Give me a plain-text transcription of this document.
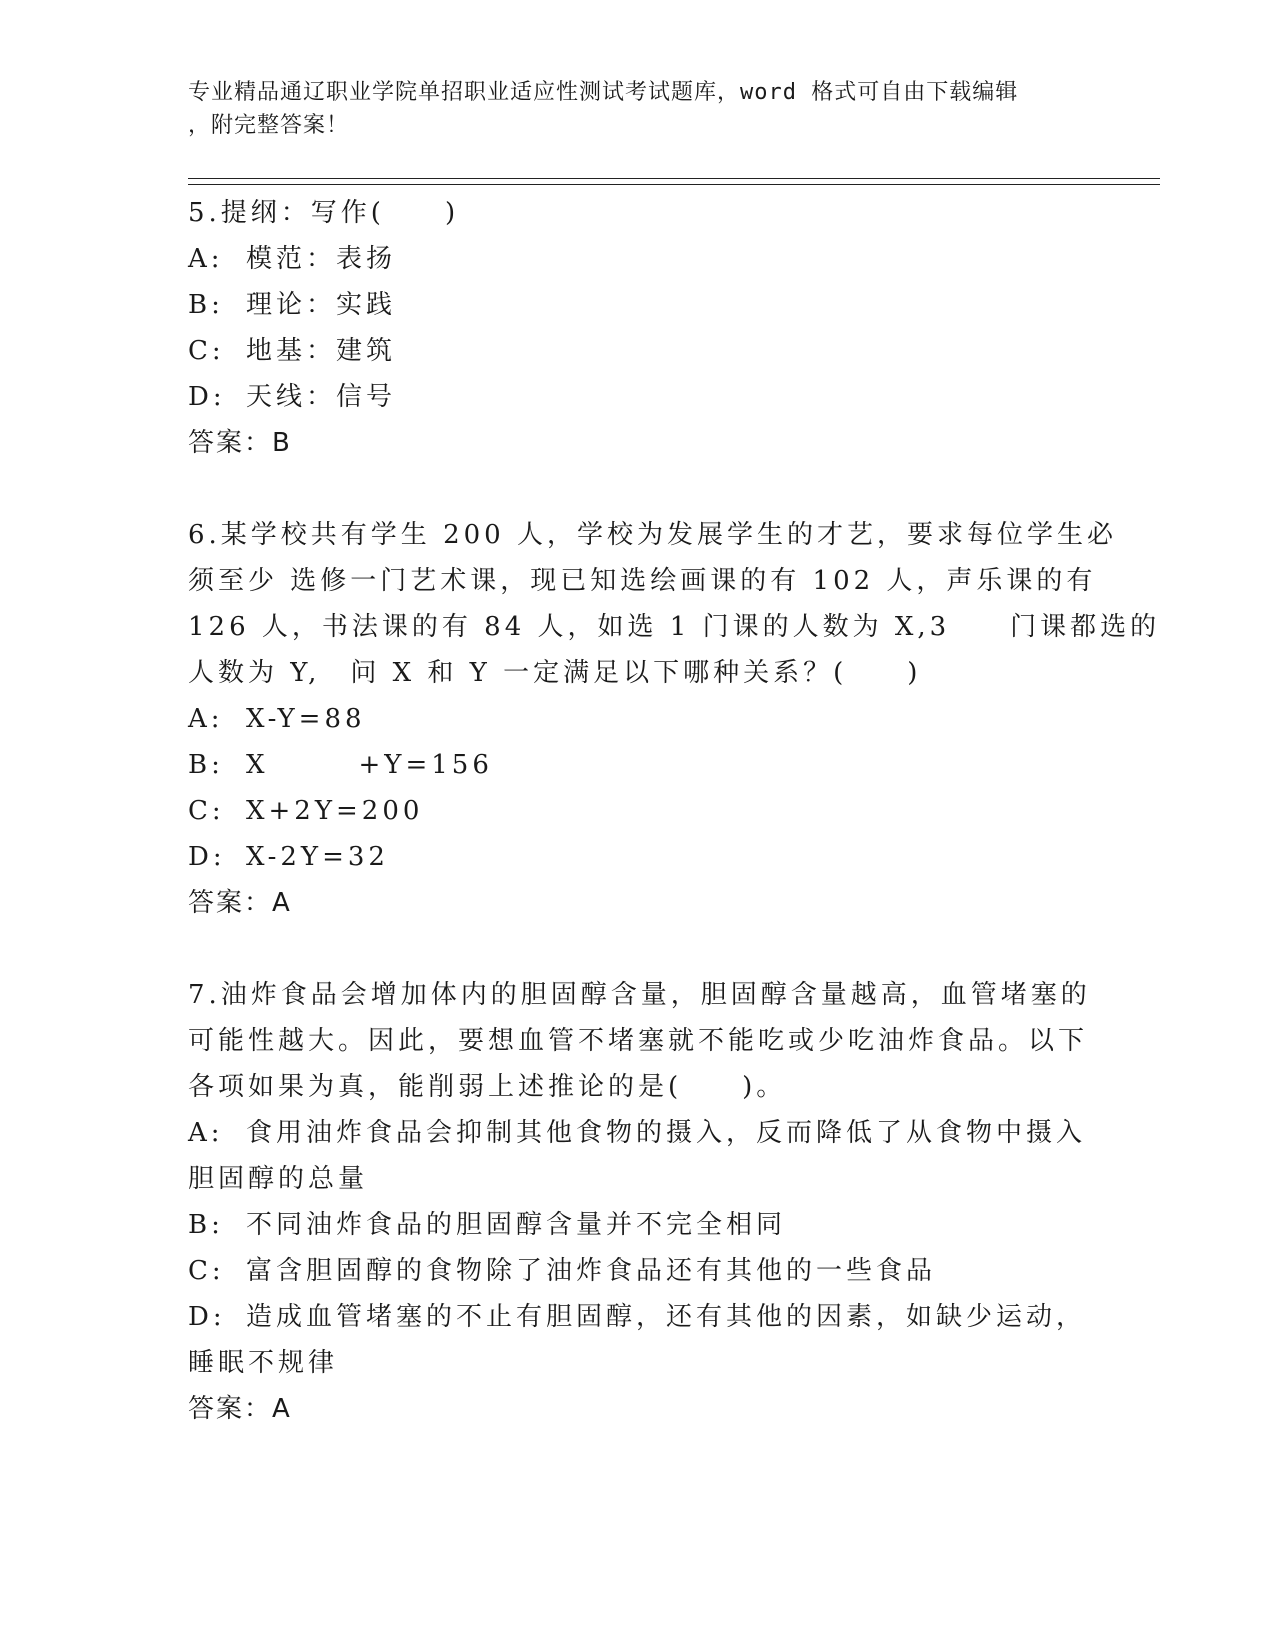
专业精品通辽职业学院单招职业适应性测试考试题库，word 格式可自由下载编辑
，附完整答案！
5.提纲：写作(　　)
A: 模范：表扬
B: 理论：实践
C: 地基：建筑
D: 天线：信号
答案：B
6.某学校共有学生 200 人，学校为发展学生的才艺，要求每位学生必
须至少 选修一门艺术课，现已知选绘画课的有 102 人，声乐课的有
126 人，书法课的有 84 人，如选 1 门课的人数为 X,3　　门课都选的
人数为 Y,　问 X 和 Y 一定满足以下哪种关系？(　　)
A: X-Y=88
B: X　　　+Y=156
C: X+2Y=200
D: X-2Y=32
答案：A
7.油炸食品会增加体内的胆固醇含量，胆固醇含量越高，血管堵塞的
可能性越大。因此，要想血管不堵塞就不能吃或少吃油炸食品。以下
各项如果为真，能削弱上述推论的是(　　)。
A: 食用油炸食品会抑制其他食物的摄入，反而降低了从食物中摄入
胆固醇的总量
B: 不同油炸食品的胆固醇含量并不完全相同
C: 富含胆固醇的食物除了油炸食品还有其他的一些食品
D: 造成血管堵塞的不止有胆固醇，还有其他的因素，如缺少运动，
睡眠不规律
答案：A
